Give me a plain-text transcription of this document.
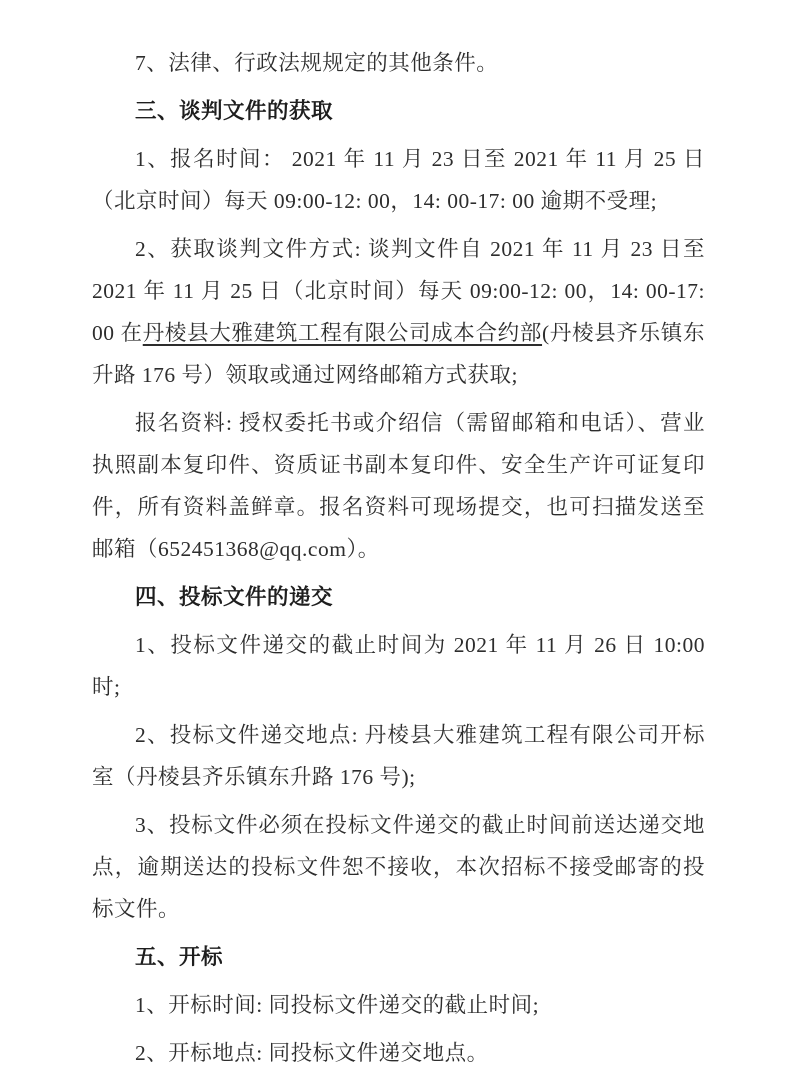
7、法律、行政法规规定的其他条件。

三、谈判文件的获取

1、报名时间： 2021 年 11 月 23 日至 2021 年 11 月 25 日（北京时间）每天 09:00-12: 00，14: 00-17: 00 逾期不受理;

2、获取谈判文件方式: 谈判文件自 2021 年 11 月 23 日至 2021 年 11 月 25 日（北京时间）每天 09:00-12: 00，14: 00-17: 00 在丹棱县大雅建筑工程有限公司成本合约部(丹棱县齐乐镇东升路 176 号）领取或通过网络邮箱方式获取;

报名资料: 授权委托书或介绍信（需留邮箱和电话）、营业执照副本复印件、资质证书副本复印件、安全生产许可证复印件，所有资料盖鲜章。报名资料可现场提交，也可扫描发送至邮箱（652451368@qq.com）。

四、投标文件的递交

1、投标文件递交的截止时间为 2021 年 11 月 26 日 10:00 时;

2、投标文件递交地点: 丹棱县大雅建筑工程有限公司开标室（丹棱县齐乐镇东升路 176 号);

3、投标文件必须在投标文件递交的截止时间前送达递交地点，逾期送达的投标文件恕不接收，本次招标不接受邮寄的投标文件。

五、开标

1、开标时间: 同投标文件递交的截止时间;

2、开标地点: 同投标文件递交地点。
